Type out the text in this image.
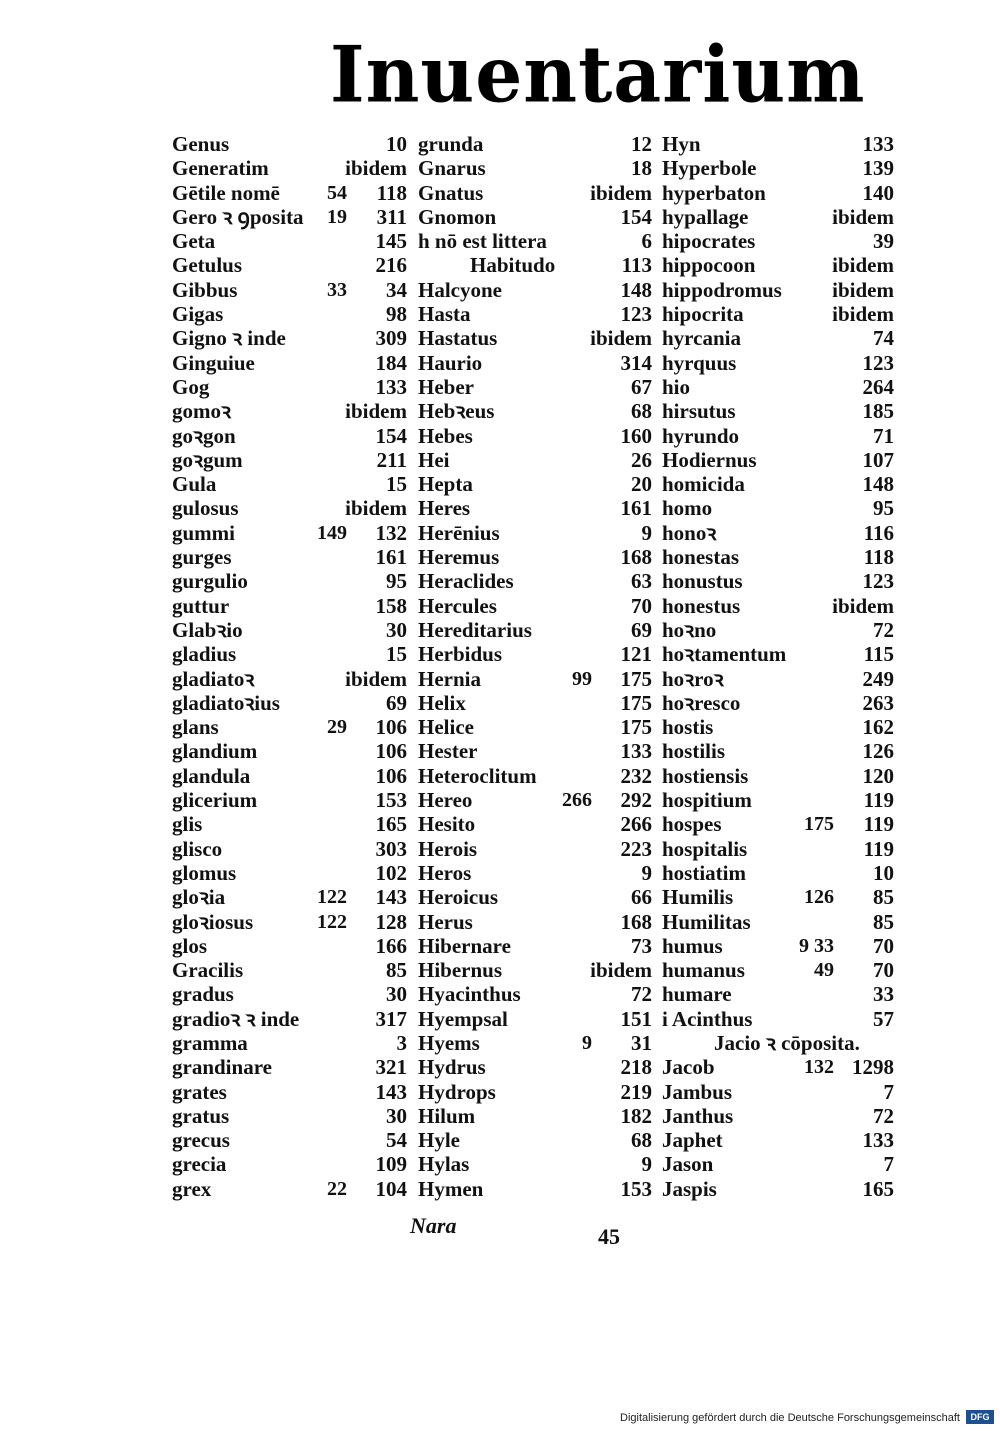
Inuentarium
Genus	10
Generatim	ibidem
Gētile nomē 54 118
Gero ꝛ ꝯposita 19 311
Geta	145
Getulus	216
Gibbus	33 34
Gigas	98
Gigno ꝛ inde	309
Ginguiue	184
Gog	133
gomoꝛ	ibidem
goꝛgon	154
goꝛgum	211
Gula	15
gulosus	ibidem
gummi	149 132
gurges	161
gurgulio	95
guttur	158
Glabꝛio	30
gladius	15
gladiatoꝛ	ibidem
gladiatoꝛius	69
glans	29 106
glandium	106
glandula	106
glicerium	153
glis	165
glisco	303
glomus	102
gloꝛia	122 143
gloꝛiosus	122 128
glos	166
Gracilis	85
gradus	30
gradioꝛ ꝛ inde	317
gramma	3
grandinare	321
grates	143
gratus	30
grecus	54
grecia	109
grex	22 104
grunda	12
Gnarus	18
Gnatus	ibidem
Gnomon	154
h nō est littera	6
Habitudo	113
Halcyone	148
Hasta	123
Hastatus	ibidem
Haurio	314
Heber	67
Hebꝛeus	68
Hebes	160
Hei	26
Hepta	20
Heres	161
Herēnius	9
Heremus	168
Heraclides	63
Hercules	70
Hereditarius	69
Herbidus	121
Hernia	99 175
Helix	175
Helice	175
Hester	133
Heteroclitum	232
Hereo	266 292
Hesito	266
Herois	223
Heros	9
Heroicus	66
Herus	168
Hibernare	73
Hibernus	ibidem
Hyacinthus	72
Hyempsal	151
Hyems	9 31
Hydrus	218
Hydrops	219
Hilum	182
Hyle	68
Hylas	9
Hymen	153
Hyn	133
Hyperbole	139
hyperbaton	140
hypallage	ibidem
hipocrates	39
hippocoon	ibidem
hippodromus ibidem
hipocrita	ibidem
hyrcania	74
hyrquus	123
hio	264
hirsutus	185
hyrundo	71
Hodiernus	107
homicida	148
homo	95
honoꝛ	116
honestas	118
honustus	123
honestus	ibidem
hoꝛno	72
hoꝛtamentum	115
hoꝛroꝛ	249
hoꝛresco	263
hostis	162
hostilis	126
hostiensis	120
hospitium	119
hospes	175 119
hospitalis	119
hostiatim	10
Humilis	126 85
Humilitas	85
humus	9 33 70
humanus	49 70
humare	33
i Acinthus	57
Jacio ꝛ cōposita.
Jacob	132 1298
Jambus	7
Janthus	72
Japhet	133
Jason	7
Jaspis	165
Nara	45
Digitalisierung gefördert durch die Deutsche Forschungsgemeinschaft	DFG
